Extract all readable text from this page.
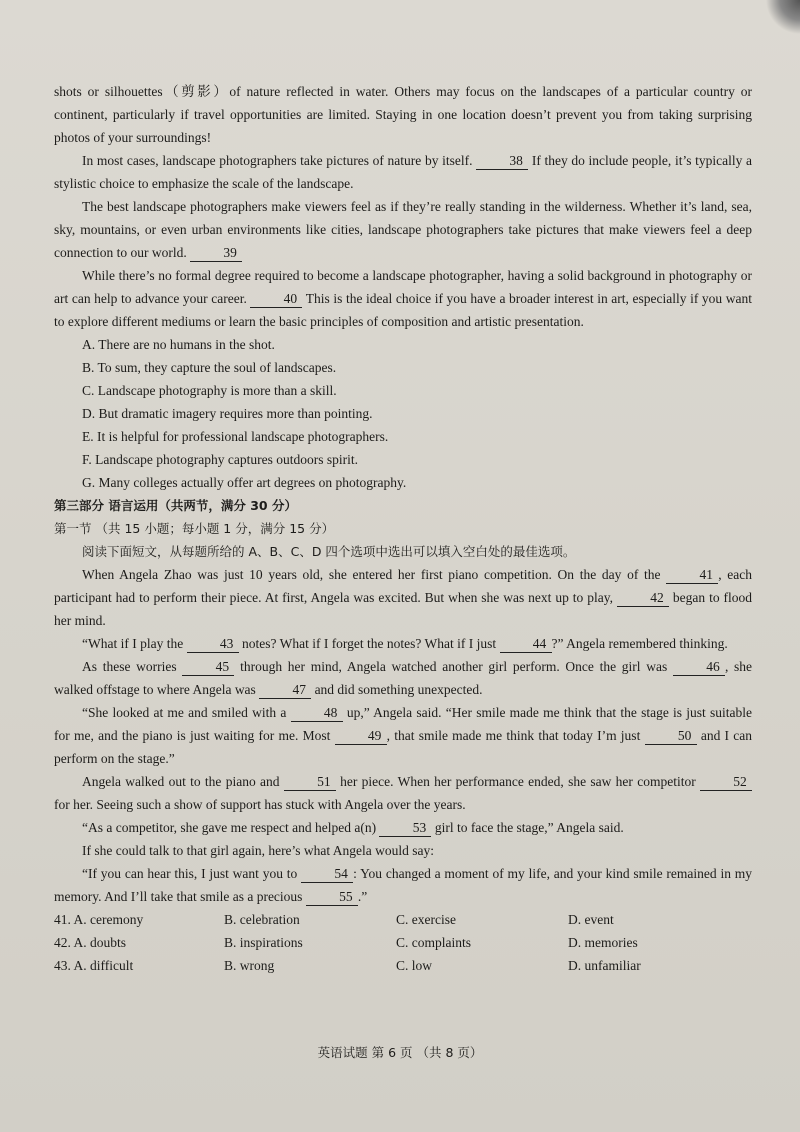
shots or silhouettes（剪影）of nature reflected in water. Others may focus on the landscapes of a particular country or continent, particularly if travel opportunities are limited. Staying in one location doesn’t prevent you from taking surprising photos of your surroundings!

In most cases, landscape photographers take pictures of nature by itself.	38 If they do include people, it’s typically a stylistic choice to emphasize the scale of the landscape.

The best landscape photographers make viewers feel as if they’re really standing in the wilderness. Whether it’s land, sea, sky, mountains, or even urban environments like cities, landscape photographers take pictures that make viewers feel a deep connection to our world.	39

While there’s no formal degree required to become a landscape photographer, having a solid background in photography or art can help to advance your career.	40 This is the ideal choice if you have a broader interest in art, especially if you want to explore different mediums or learn the basic principles of composition and artistic presentation.

A. There are no humans in the shot.

B. To sum, they capture the soul of landscapes.

C. Landscape photography is more than a skill.

D. But dramatic imagery requires more than pointing.

E. It is helpful for professional landscape photographers.

F. Landscape photography captures outdoors spirit.

G. Many colleges actually offer art degrees on photography.

第三部分 语言运用（共两节，满分 30 分）

第一节 （共 15 小题；每小题 1 分，满分 15 分）

阅读下面短文，从每题所给的 A、B、C、D 四个选项中选出可以填入空白处的最佳选项。

When Angela Zhao was just 10 years old, she entered her first piano competition. On the day of the	41 , each participant had to perform their piece. At first, Angela was excited. But when she was next up to play,	42 began to flood her mind.

“What if I play the	43 notes? What if I forget the notes? What if I just	44 ?” Angela remembered thinking.

As these worries	45 through her mind, Angela watched another girl perform. Once the girl was	46 , she walked offstage to where Angela was	47 and did something unexpected.

“She looked at me and smiled with a	48 up,” Angela said. “Her smile made me think that the stage is just suitable for me, and the piano is just waiting for me. Most	49 , that smile made me think that today I’m just	50 and I can perform on the stage.”

Angela walked out to the piano and	51 her piece. When her performance ended, she saw her competitor	52 for her. Seeing such a show of support has stuck with Angela over the years.

“As a competitor, she gave me respect and helped a(n)	53 girl to face the stage,” Angela said.

If she could talk to that girl again, here’s what Angela would say:

“If you can hear this, I just want you to	54 : You changed a moment of my life, and your kind smile remained in my memory. And I’ll take that smile as a precious	55 .”

41. A. ceremony	B. celebration	C. exercise	D. event
42. A. doubts	B. inspirations	C. complaints	D. memories
43. A. difficult	B. wrong	C. low	D. unfamiliar
英语试题 第 6 页 （共 8 页）
